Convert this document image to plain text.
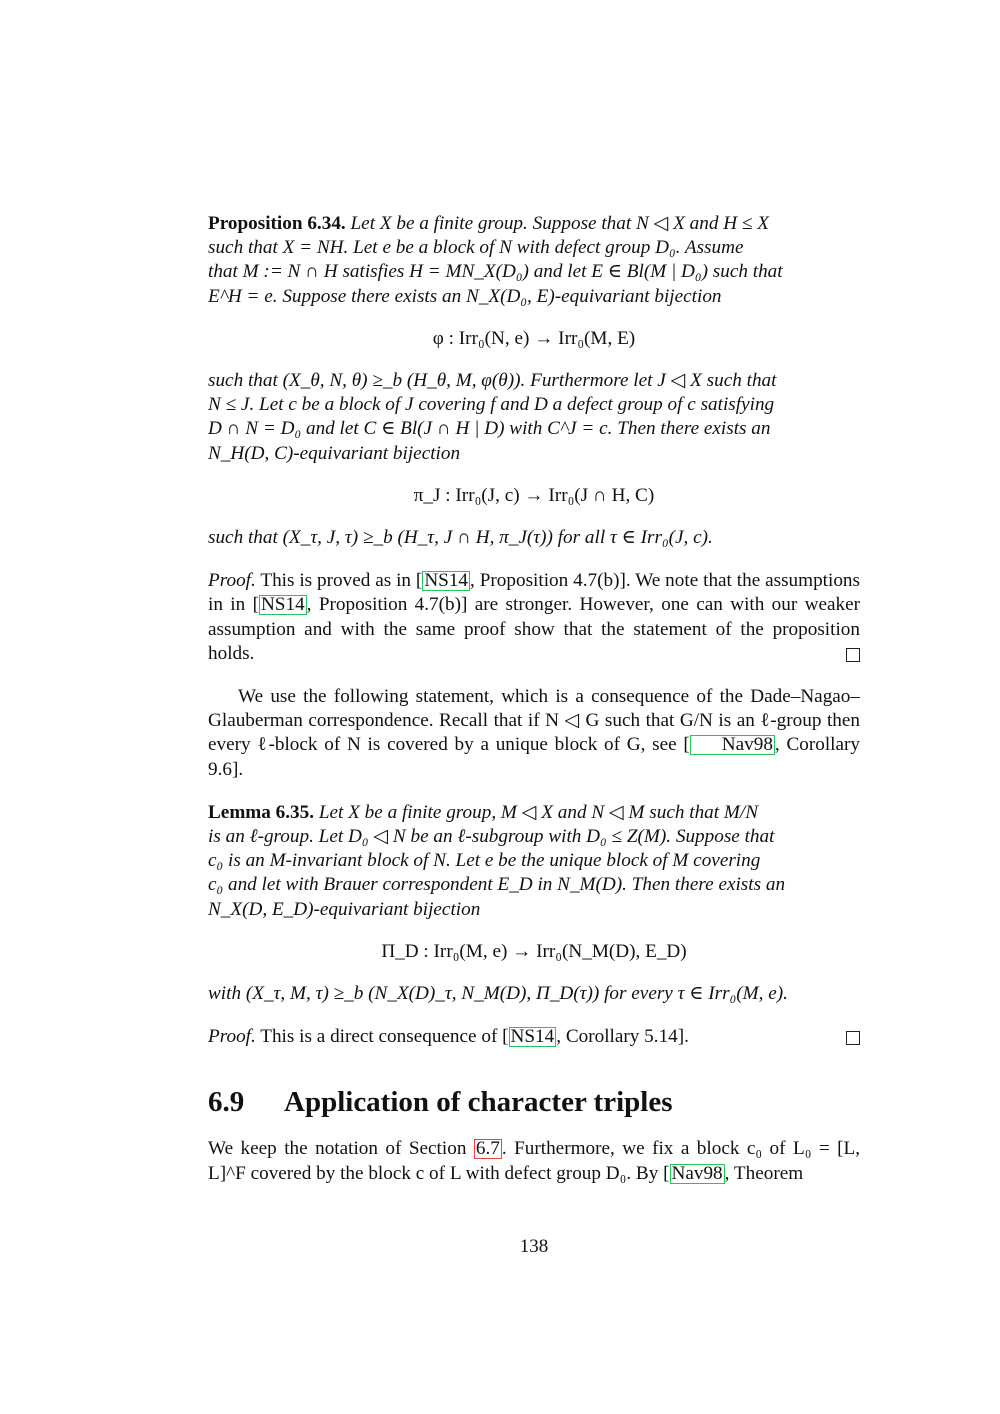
Proposition 6.34. Let X be a finite group. Suppose that N ◁ X and H ≤ X

such that X = NH. Let e be a block of N with defect group D₀. Assume

that M := N ∩ H satisfies H = MN_X(D₀) and let E ∈ Bl(M | D₀) such that

E^H = e. Suppose there exists an N_X(D₀, E)-equivariant bijection

φ : Irr₀(N, e) → Irr₀(M, E)

such that (X_θ, N, θ) ≥_b (H_θ, M, φ(θ)). Furthermore let J ◁ X such that

N ≤ J. Let c be a block of J covering f and D a defect group of c satisfying

D ∩ N = D₀ and let C ∈ Bl(J ∩ H | D) with C^J = c. Then there exists an

N_H(D, C)-equivariant bijection

π_J : Irr₀(J, c) → Irr₀(J ∩ H, C)

such that (X_τ, J, τ) ≥_b (H_τ, J ∩ H, π_J(τ)) for all τ ∈ Irr₀(J, c).

Proof. This is proved as in [ NS14 , Proposition 4.7(b)]. We note that the assumptions in in [ NS14 , Proposition 4.7(b)] are stronger. However, one can with our weaker assumption and with the same proof show that the statement of the proposition holds.

We use the following statement, which is a consequence of the Dade–Nagao–Glauberman correspondence. Recall that if N ◁ G such that G/N is an ℓ-group then every ℓ-block of N is covered by a unique block of G, see [ Nav98 , Corollary 9.6].

Lemma 6.35. Let X be a finite group, M ◁ X and N ◁ M such that M/N

is an ℓ-group. Let D₀ ◁ N be an ℓ-subgroup with D₀ ≤ Z(M). Suppose that

c₀ is an M-invariant block of N. Let e be the unique block of M covering

c₀ and let with Brauer correspondent E_D in N_M(D). Then there exists an

N_X(D, E_D)-equivariant bijection

Π_D : Irr₀(M, e) → Irr₀(N_M(D), E_D)

with (X_τ, M, τ) ≥_b (N_X(D)_τ, N_M(D), Π_D(τ)) for every τ ∈ Irr₀(M, e).

Proof. This is a direct consequence of [ NS14 , Corollary 5.14].

6.9 Application of character triples

We keep the notation of Section 6.7 . Furthermore, we fix a block c₀ of L₀ = [L, L]^F covered by the block c of L with defect group D₀. By [ Nav98 , Theorem

138
